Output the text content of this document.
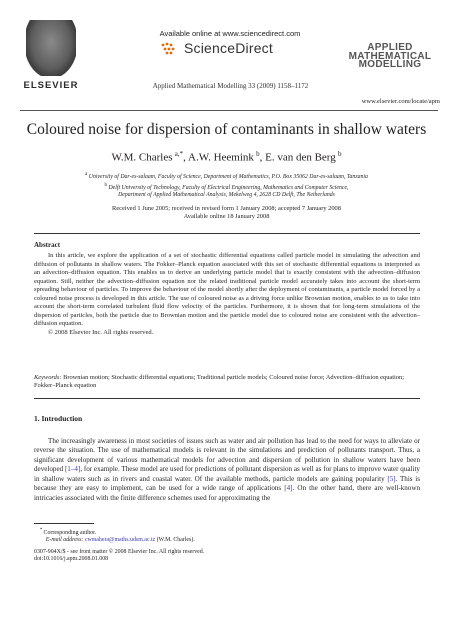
ELSEVIER
Available online at www.sciencedirect.com
ScienceDirect
Applied Mathematical Modelling 33 (2009) 1158–1172
APPLIED
MATHEMATICAL
MODELLING
www.elsevier.com/locate/apm
Coloured noise for dispersion of contaminants in shallow waters
W.M. Charles  $^{a,*}$, A.W. Heemink  $^b$, E. van den Berg  $^b$
$^a$ University of Dar-es-salaam, Faculty of Science, Department of Mathematics, P.O. Box 35062 Dar-es-salaam, Tanzania
$^b$ Delft University of Technology, Faculty of Electrical Engineering, Mathematics and Computer Science,
Department of Applied Mathematical Analysis, Mekelweg 4, 2628 CD Delft, The Netherlands
Received 1 June 2005; received in revised form 1 January 2008; accepted 7 January 2008
Available online 18 January 2008
Abstract
In this article, we explore the application of a set of stochastic differential equations called particle model in simulating the advection and diffusion of pollutants in shallow waters. The Fokker–Planck equation associated with this set of stochastic differential equations is interpreted as an advection–diffusion equation. This enables us to derive an underlying particle model that is exactly consistent with the advection–diffusion equation. Still, neither the advection–diffusion equation nor the related traditional particle model accurately takes into account the short-term spreading behaviour of particles. To improve the behaviour of the model shortly after the deployment of contaminants, a particle model forced by a coloured noise process is developed in this article. The use of coloured noise as a driving force unlike Brownian motion, enables to us to take into account the short-term correlated turbulent fluid flow velocity of the particles. Furthermore, it is shown that for long-term simulations of the dispersion of particles, both the particle due to Brownian motion and the particle model due to coloured noise are consistent with the advection–diffusion equation.
© 2008 Elsevier Inc. All rights reserved.
Keywords: Brownian motion; Stochastic differential equations; Traditional particle models; Coloured noise force; Advection–diffusion equation; Fokker–Planck equation
1. Introduction
The increasingly awareness in most societies of issues such as water and air pollution has lead to the need for ways to alleviate or reverse the situation. The use of mathematical models is relevant in the simulations and prediction of pollutants transport. Thus, a significant development of various mathematical models for advection and dispersion of pollution in shallow waters have been developed [1–4], for example. These model are used for predictions of pollutant dispersion as well as for plans to improve water quality in shallow waters such as in rivers and coastal water. Of the available methods, particle models are gaining popularity [5]. This is because they are easy to implement, can be used for a wide range of applications [4]. On the other hand, there are well-known intricacies associated with the finite difference schemes used for approximating the
 * Corresponding author.
  E-mail address: cwmahera@maths.udsm.ac.tz (W.M. Charles).
0307-904X/$ - see front matter © 2008 Elsevier Inc. All rights reserved.
doi:10.1016/j.apm.2008.01.008
